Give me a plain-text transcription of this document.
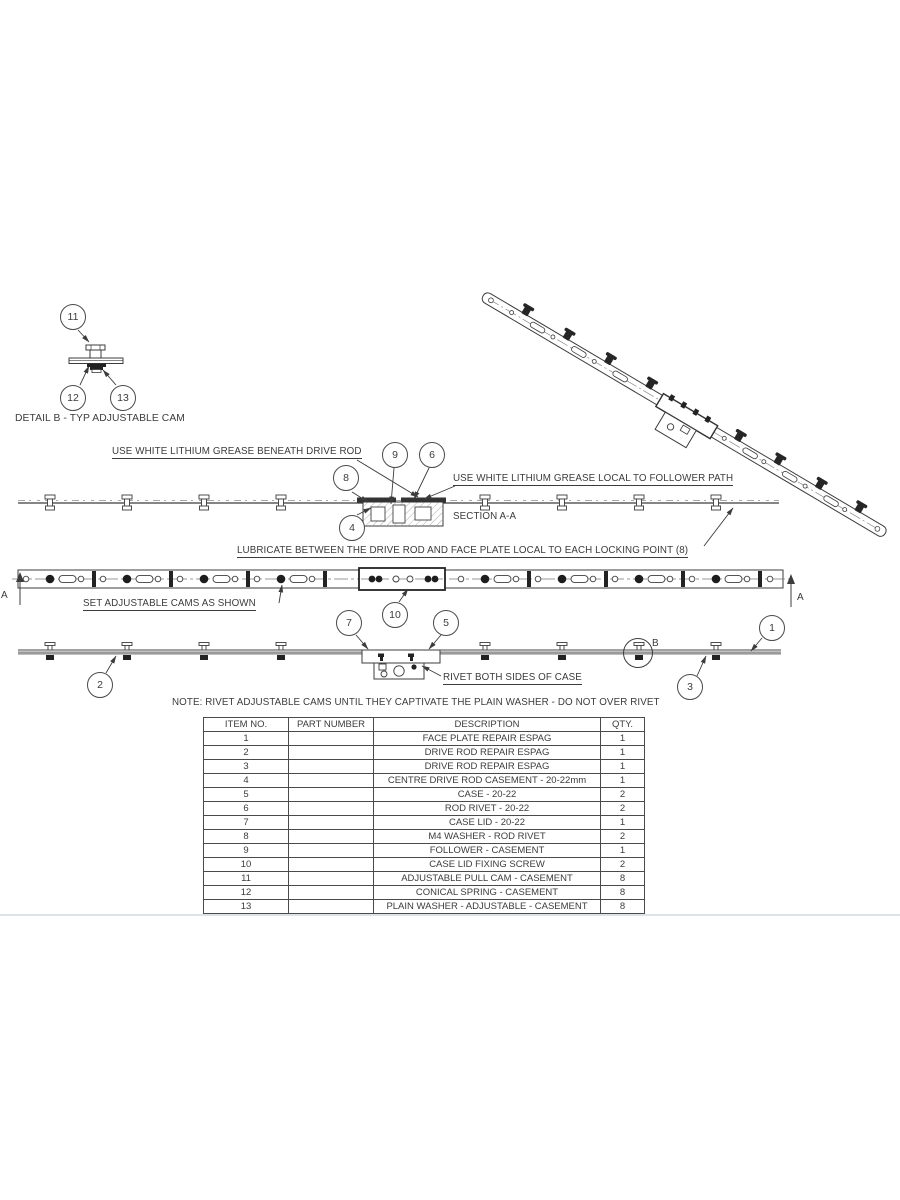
DETAIL B - TYP ADJUSTABLE CAM
USE WHITE LITHIUM GREASE BENEATH DRIVE ROD
USE WHITE LITHIUM GREASE LOCAL TO FOLLOWER PATH
SECTION A-A
LUBRICATE BETWEEN THE DRIVE ROD AND FACE PLATE LOCAL TO EACH LOCKING POINT (8)
SET ADJUSTABLE CAMS AS SHOWN
RIVET BOTH SIDES OF CASE
NOTE: RIVET ADJUSTABLE CAMS UNTIL THEY CAPTIVATE THE PLAIN WASHER - DO NOT OVER RIVET
A	A
B
11
12	13
8
9	6
4
10
7	5
2	3
1
ITEM NO.	PART NUMBER	DESCRIPTION	QTY.
1		FACE PLATE REPAIR ESPAG	1
2		DRIVE ROD REPAIR ESPAG	1
3		DRIVE ROD REPAIR ESPAG	1
4		CENTRE DRIVE ROD CASEMENT - 20-22mm	1
5		CASE - 20-22	2
6		ROD RIVET - 20-22	2
7		CASE LID - 20-22	1
8		M4 WASHER - ROD RIVET	2
9		FOLLOWER - CASEMENT	1
10		CASE LID FIXING SCREW	2
11		ADJUSTABLE PULL CAM - CASEMENT	8
12		CONICAL SPRING - CASEMENT	8
13		PLAIN WASHER - ADJUSTABLE - CASEMENT	8
